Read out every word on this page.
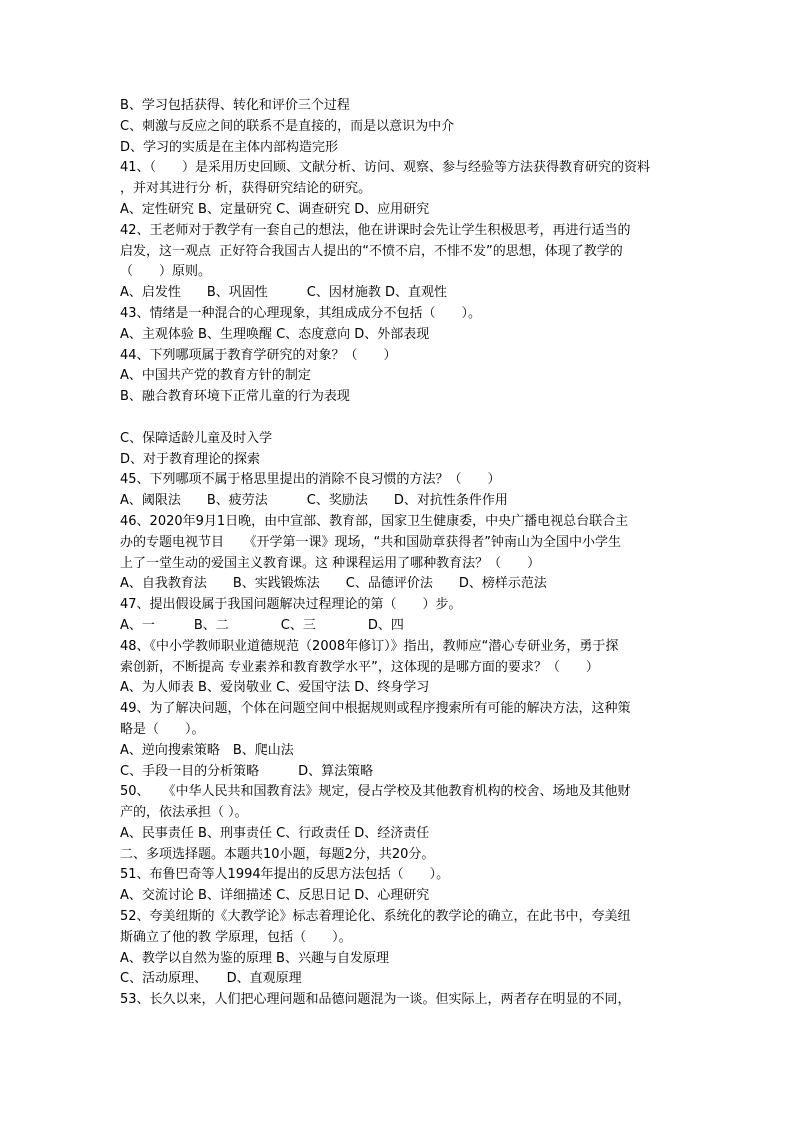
B、学习包括获得、转化和评价三个过程
C、刺激与反应之间的联系不是直接的，而是以意识为中介
D、学习的实质是在主体内部构造完形
41、（　　）是采用历史回顾、文献分析、访问、观察、参与经验等方法获得教育研究的资料
，并对其进行分 析，获得研究结论的研究。
A、定性研究 B、定量研究 C、调查研究 D、应用研究
42、王老师对于教学有一套自己的想法，他在讲课时会先让学生积极思考，再进行适当的
启发，这一观点  正好符合我国古人提出的“不愤不启，不悱不发”的思想，体现了教学的
（　　）原则。
A、启发性　　B、巩固性　　　C、因材施教 D、直观性
43、情绪是一种混合的心理现象，其组成成分不包括（　　）。
A、主观体验 B、生理唤醒 C、态度意向 D、外部表现
44、下列哪项属于教育学研究的对象？（　　）
A、中国共产党的教育方针的制定
B、融合教育环境下正常儿童的行为表现
C、保障适龄儿童及时入学
D、对于教育理论的探索
45、下列哪项不属于格思里提出的消除不良习惯的方法？（　　）
A、阈限法　　B、疲劳法　　　C、奖励法　　D、对抗性条件作用
46、2020年9月1日晚，由中宣部、教育部，国家卫生健康委，中央广播电视总台联合主
办的专题电视节目　　《开学第一课》现场，“共和国勋章获得者”钟南山为全国中小学生
上了一堂生动的爱国主义教育课。这 种课程运用了哪种教育法？（　　）
A、自我教育法　　B、实践锻炼法　　C、品德评价法　　D、榜样示范法
47、提出假设属于我国问题解决过程理论的第（　　）步。
A、一　　　B、二　　　　C、三　　　　D、四
48、《中小学教师职业道德规范（2008年修订）》指出，教师应“潜心专研业务，勇于探
索创新，不断提高 专业素养和教育教学水平”，这体现的是哪方面的要求？（　　）
A、为人师表 B、爱岗敬业 C、爱国守法 D、终身学习
49、为了解决问题，个体在问题空间中根据规则或程序搜索所有可能的解决方法，这种策
略是（　　）。
A、逆向搜索策略　B、爬山法
C、手段一目的分析策略　　　D、算法策略
50、　　《中华人民共和国教育法》规定，侵占学校及其他教育机构的校舍、场地及其他财
产的，依法承担（ ）。
A、民事责任 B、刑事责任 C、行政责任 D、经济责任
二、多项选择题。本题共10小题，每题2分，共20分。
51、布鲁巴奇等人1994年提出的反思方法包括（　　）。
A、交流讨论 B、详细描述 C、反思日记 D、心理研究
52、夸美纽斯的《大教学论》标志着理论化、系统化的教学论的确立，在此书中，夸美纽
斯确立了他的教 学原理，包括（　　）。
A、教学以自然为鉴的原理 B、兴趣与自发原理
C、活动原理、　　D、直观原理
53、长久以来，人们把心理问题和品德问题混为一谈。但实际上，两者存在明显的不同，
